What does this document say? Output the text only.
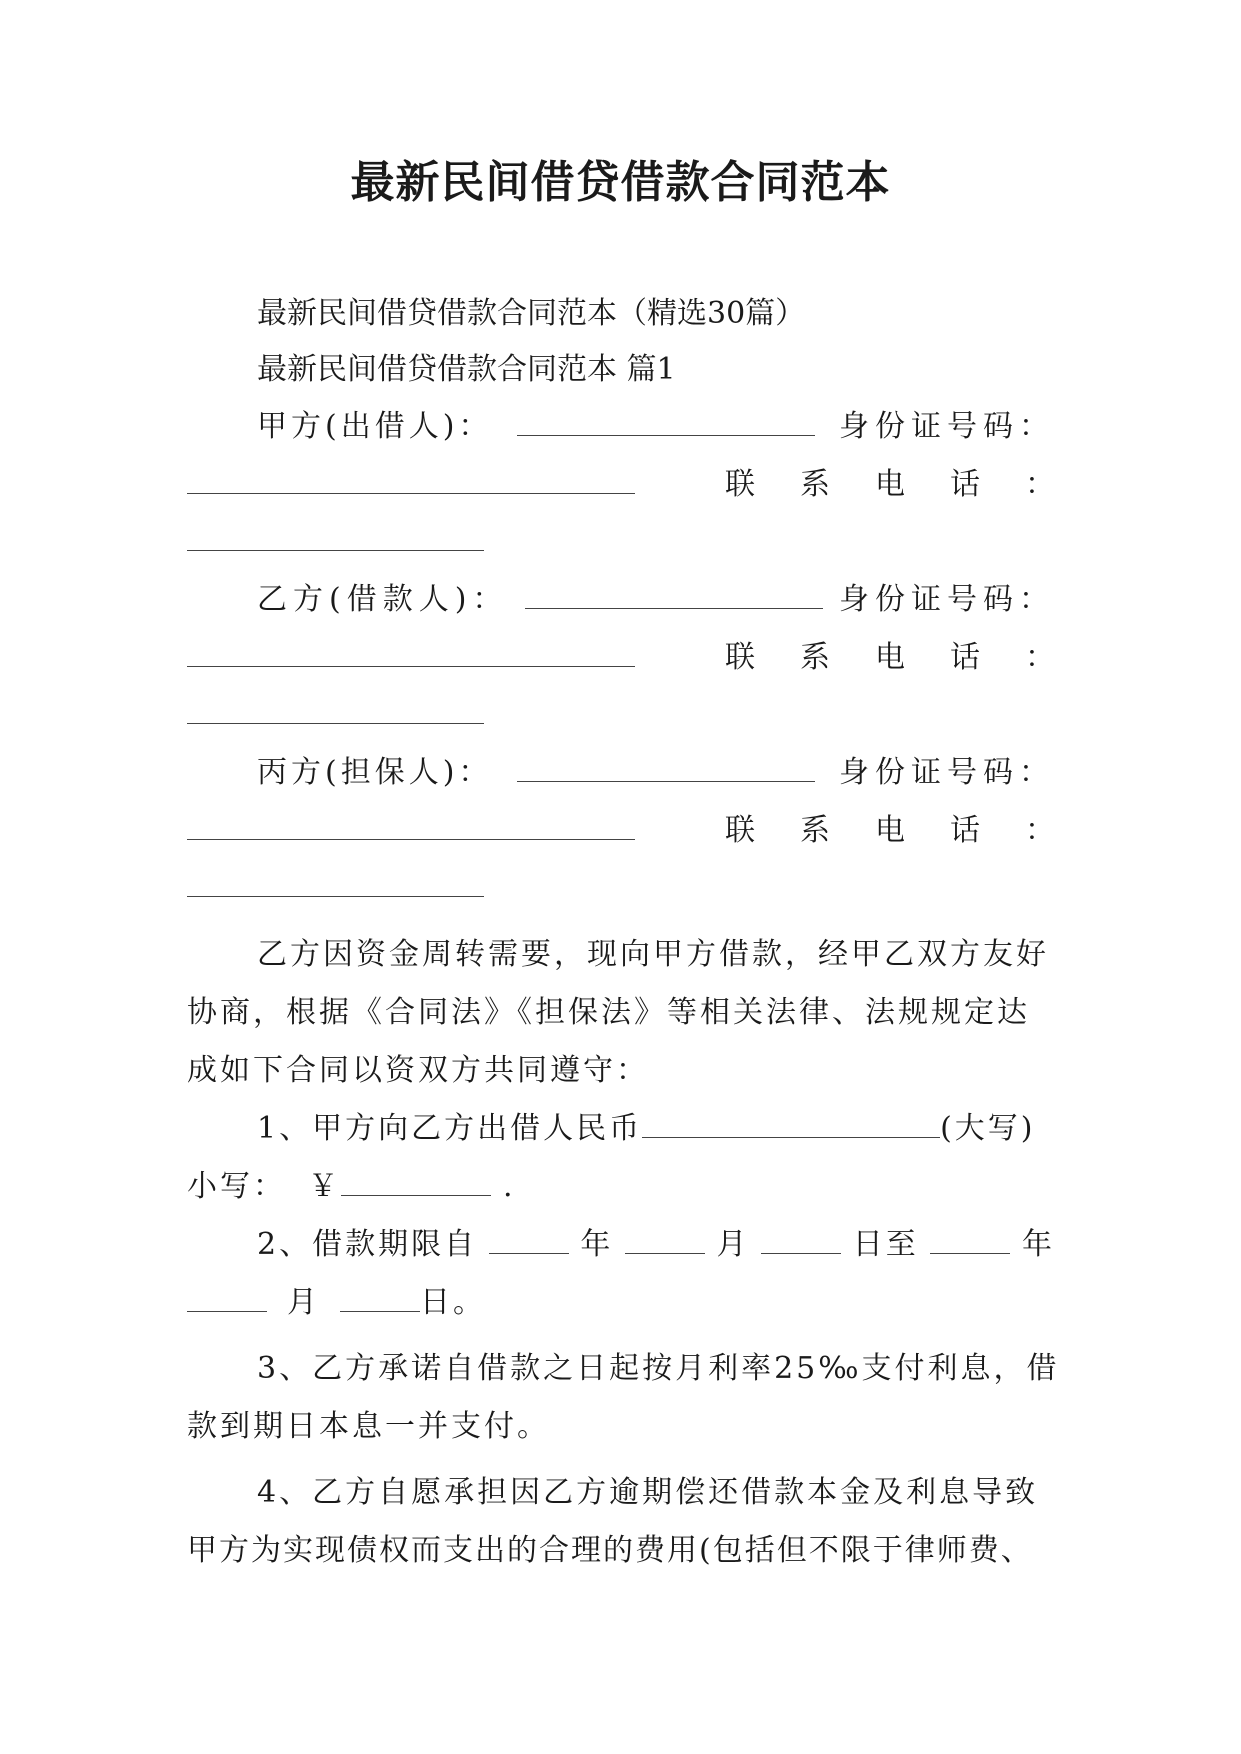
最新民间借贷借款合同范本
最新民间借贷借款合同范本（精选30篇）
最新民间借贷借款合同范本 篇1
甲方(出借人)：	身份证号码：
联 系 电 话 ：
乙方(借款人)：	身份证号码：
联 系 电 话 ：
丙方(担保人)：	身份证号码：
联 系 电 话 ：
乙方因资金周转需要，现向甲方借款，经甲乙双方友好
协商，根据《合同法》《担保法》等相关法律、法规规定达
成如下合同以资双方共同遵守：
1、甲方向乙方出借人民币	(大写)
小写： ￥	.
2、借款期限自	年	月	日至	年
月	日。
3、乙方承诺自借款之日起按月利率25‰支付利息，借
款到期日本息一并支付。
4、乙方自愿承担因乙方逾期偿还借款本金及利息导致
甲方为实现债权而支出的合理的费用(包括但不限于律师费、
